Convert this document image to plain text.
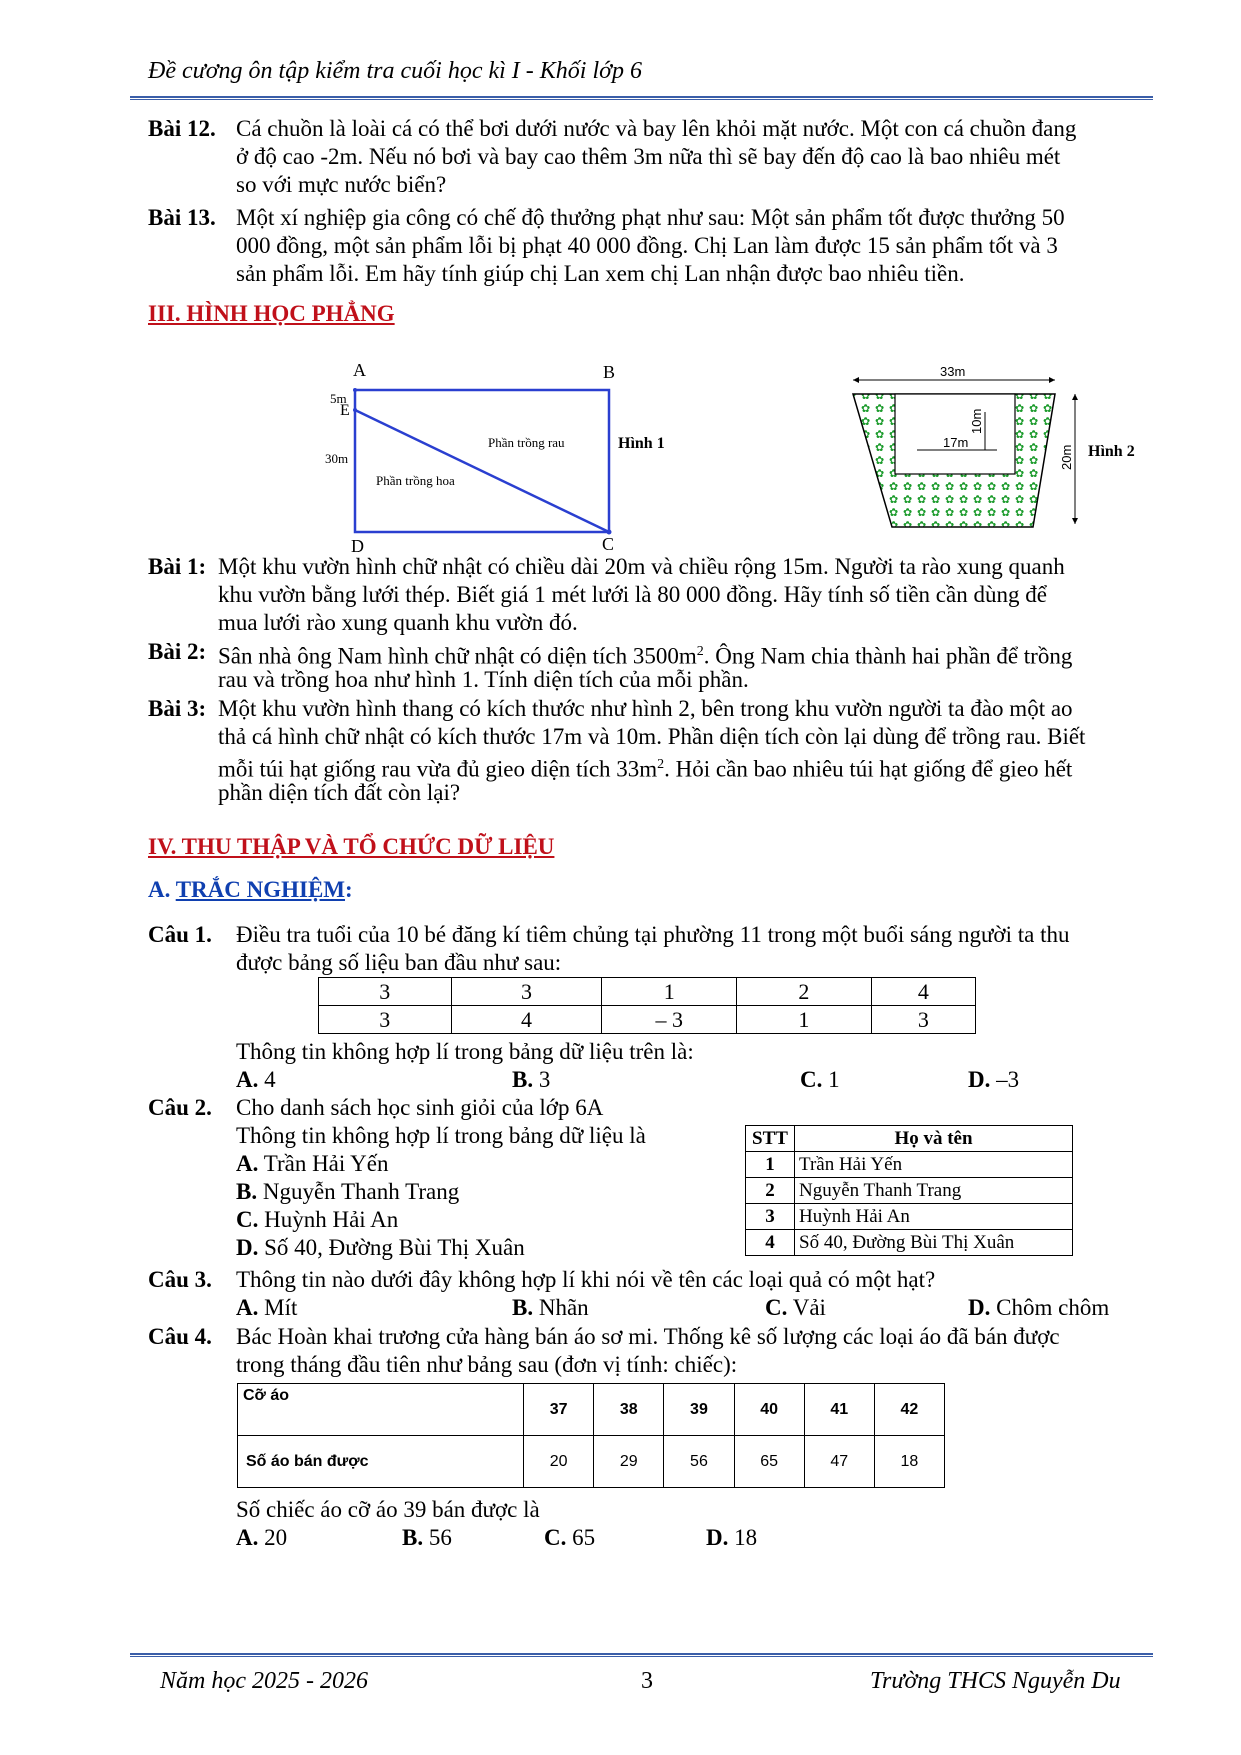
Đề cương ôn tập kiểm tra cuối học kì I - Khối lớp 6
Bài 12. Cá chuồn là loài cá có thể bơi dưới nước và bay lên khỏi mặt nước. Một con cá chuồn đang
ở độ cao -2m. Nếu nó bơi và bay cao thêm 3m nữa thì sẽ bay đến độ cao là bao nhiêu mét
so với mực nước biển?
Bài 13. Một xí nghiệp gia công có chế độ thưởng phạt như sau: Một sản phẩm tốt được thưởng 50
000 đồng, một sản phẩm lỗi bị phạt 40 000 đồng. Chị Lan làm được 15 sản phẩm tốt và 3
sản phẩm lỗi. Em hãy tính giúp chị Lan xem chị Lan nhận được bao nhiêu tiền.
III. HÌNH HỌC PHẲNG
A	B
C
D
E
5m
30m
Phần trồng rau
Phần trồng hoa
Hình 1
33m
17m
10m
20m Hình 2
Bài 1: Một khu vườn hình chữ nhật có chiều dài 20m và chiều rộng 15m. Người ta rào xung quanh
khu vườn bằng lưới thép. Biết giá 1 mét lưới là 80 000 đồng. Hãy tính số tiền cần dùng để
mua lưới rào xung quanh khu vườn đó.
Bài 2: Sân nhà ông Nam hình chữ nhật có diện tích $3500m^2$. Ông Nam chia thành hai phần để trồng
rau và trồng hoa như hình 1. Tính diện tích của mỗi phần.
Bài 3: Một khu vườn hình thang có kích thước như hình 2, bên trong khu vườn người ta đào một ao
thả cá hình chữ nhật có kích thước 17m và 10m. Phần diện tích còn lại dùng để trồng rau. Biết
mỗi túi hạt giống rau vừa đủ gieo diện tích $33m^2$. Hỏi cần bao nhiêu túi hạt giống để gieo hết
phần diện tích đất còn lại?
IV. THU THẬP VÀ TỔ CHỨC DỮ LIỆU
A. TRẮC NGHIỆM:
Câu 1. Điều tra tuổi của 10 bé đăng kí tiêm chủng tại phường 11 trong một buổi sáng người ta thu
được bảng số liệu ban đầu như sau:
3	3	1	2	4
3	4	– 3	1	3
Thông tin không hợp lí trong bảng dữ liệu trên là:
A. 4	B. 3	C. 1	D. –3
Câu 2. Cho danh sách học sinh giỏi của lớp 6A
Thông tin không hợp lí trong bảng dữ liệu là
A. Trần Hải Yến
B. Nguyễn Thanh Trang
C. Huỳnh Hải An
D. Số 40, Đường Bùi Thị Xuân
STT	Họ và tên
1	Trần Hải Yến
2	Nguyễn Thanh Trang
3	Huỳnh Hải An
4	Số 40, Đường Bùi Thị Xuân
Câu 3. Thông tin nào dưới đây không hợp lí khi nói về tên các loại quả có một hạt?
A. Mít	B. Nhãn	C. Vải	D. Chôm chôm
Câu 4. Bác Hoàn khai trương cửa hàng bán áo sơ mi. Thống kê số lượng các loại áo đã bán được
trong tháng đầu tiên như bảng sau (đơn vị tính: chiếc):
Cỡ áo	37	38	39	40	41	42
Số áo bán được	20	29	56	65	47	18
Số chiếc áo cỡ áo 39 bán được là
A. 20	B. 56	C. 65	D. 18
Năm học 2025 - 2026	3	Trường THCS Nguyễn Du
